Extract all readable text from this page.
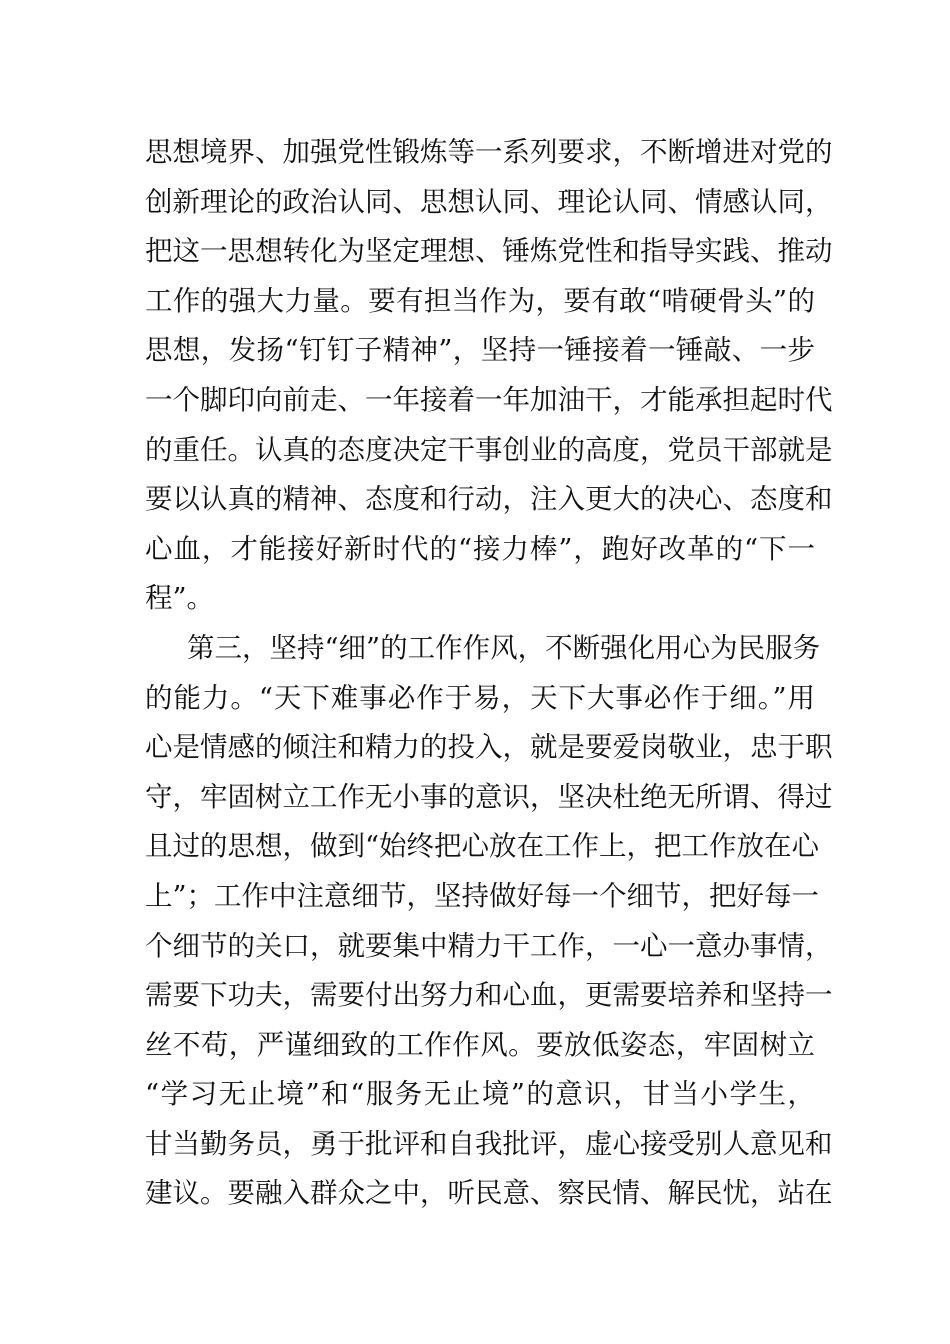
思想境界、加强党性锻炼等一系列要求，不断增进对党的
创新理论的政治认同、思想认同、理论认同、情感认同，
把这一思想转化为坚定理想、锤炼党性和指导实践、推动
工作的强大力量。要有担当作为，要有敢“啃硬骨头”的
思想，发扬“钉钉子精神”，坚持一锤接着一锤敲、一步
一个脚印向前走、一年接着一年加油干，才能承担起时代
的重任。认真的态度决定干事创业的高度，党员干部就是
要以认真的精神、态度和行动，注入更大的决心、态度和
心血，才能接好新时代的“接力棒”，跑好改革的“下一
程”。
第三，坚持“细”的工作作风，不断强化用心为民服务
的能力。“天下难事必作于易，天下大事必作于细。”用
心是情感的倾注和精力的投入，就是要爱岗敬业，忠于职
守，牢固树立工作无小事的意识，坚决杜绝无所谓、得过
且过的思想，做到“始终把心放在工作上，把工作放在心
上”；工作中注意细节，坚持做好每一个细节，把好每一
个细节的关口，就要集中精力干工作，一心一意办事情，
需要下功夫，需要付出努力和心血，更需要培养和坚持一
丝不苟，严谨细致的工作作风。要放低姿态，牢固树立
“学习无止境”和“服务无止境”的意识，甘当小学生，
甘当勤务员，勇于批评和自我批评，虚心接受别人意见和
建议。要融入群众之中，听民意、察民情、解民忧，站在
